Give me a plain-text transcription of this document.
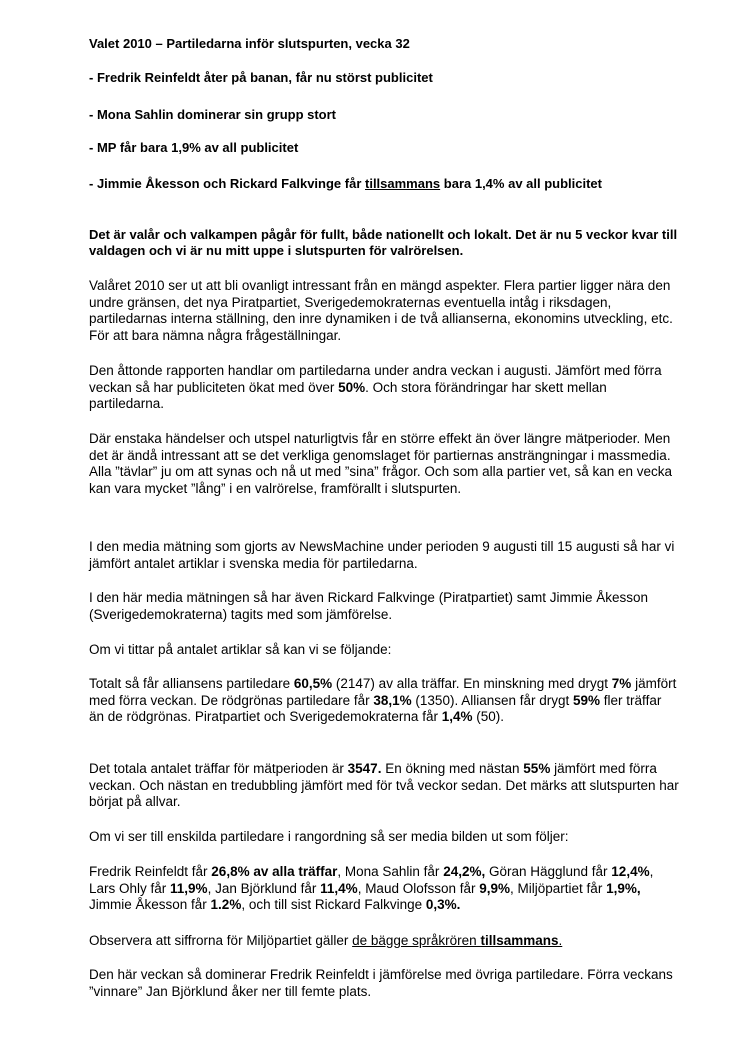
Valet 2010 – Partiledarna inför slutspurten, vecka 32

- Fredrik Reinfeldt åter på banan, får nu störst publicitet

- Mona Sahlin dominerar sin grupp stort

- MP får bara 1,9% av all publicitet

- Jimmie Åkesson och Rickard Falkvinge får tillsammans bara 1,4% av all publicitet

Det är valår och valkampen pågår för fullt, både nationellt och lokalt. Det är nu 5 veckor kvar till valdagen och vi är nu mitt uppe i slutspurten för valrörelsen.

Valåret 2010 ser ut att bli ovanligt intressant från en mängd aspekter. Flera partier ligger nära den undre gränsen, det nya Piratpartiet, Sverigedemokraternas eventuella intåg i riksdagen, partiledarnas interna ställning, den inre dynamiken i de två allianserna, ekonomins utveckling, etc. För att bara nämna några frågeställningar.

Den åttonde rapporten handlar om partiledarna under andra veckan i augusti. Jämfört med förra veckan så har publiciteten ökat med över 50%. Och stora förändringar har skett mellan partiledarna.

Där enstaka händelser och utspel naturligtvis får en större effekt än över längre mätperioder. Men det är ändå intressant att se det verkliga genomslaget för partiernas ansträngningar i massmedia. Alla ”tävlar” ju om att synas och nå ut med ”sina” frågor. Och som alla partier vet, så kan en vecka kan vara mycket ”lång” i en valrörelse, framförallt i slutspurten.

I den media mätning som gjorts av NewsMachine under perioden 9 augusti till 15 augusti så har vi jämfört antalet artiklar i svenska media för partiledarna.

I den här media mätningen så har även Rickard Falkvinge (Piratpartiet) samt Jimmie Åkesson (Sverigedemokraterna) tagits med som jämförelse.

Om vi tittar på antalet artiklar så kan vi se följande:

Totalt så får alliansens partiledare 60,5% (2147) av alla träffar. En minskning med drygt 7% jämfört med förra veckan. De rödgrönas partiledare får 38,1% (1350). Alliansen får drygt 59% fler träffar än de rödgrönas. Piratpartiet och Sverigedemokraterna får 1,4% (50).

Det totala antalet träffar för mätperioden är 3547. En ökning med nästan 55% jämfört med förra veckan. Och nästan en tredubbling jämfört med för två veckor sedan. Det märks att slutspurten har börjat på allvar.

Om vi ser till enskilda partiledare i rangordning så ser media bilden ut som följer:

Fredrik Reinfeldt får 26,8% av alla träffar, Mona Sahlin får 24,2%, Göran Hägglund får 12,4%, Lars Ohly får 11,9%, Jan Björklund får 11,4%, Maud Olofsson får 9,9%, Miljöpartiet får 1,9%, Jimmie Åkesson får 1.2%, och till sist Rickard Falkvinge 0,3%.

Observera att siffrorna för Miljöpartiet gäller de bägge språkrören tillsammans.

Den här veckan så dominerar Fredrik Reinfeldt i jämförelse med övriga partiledare. Förra veckans ”vinnare” Jan Björklund åker ner till femte plats.
